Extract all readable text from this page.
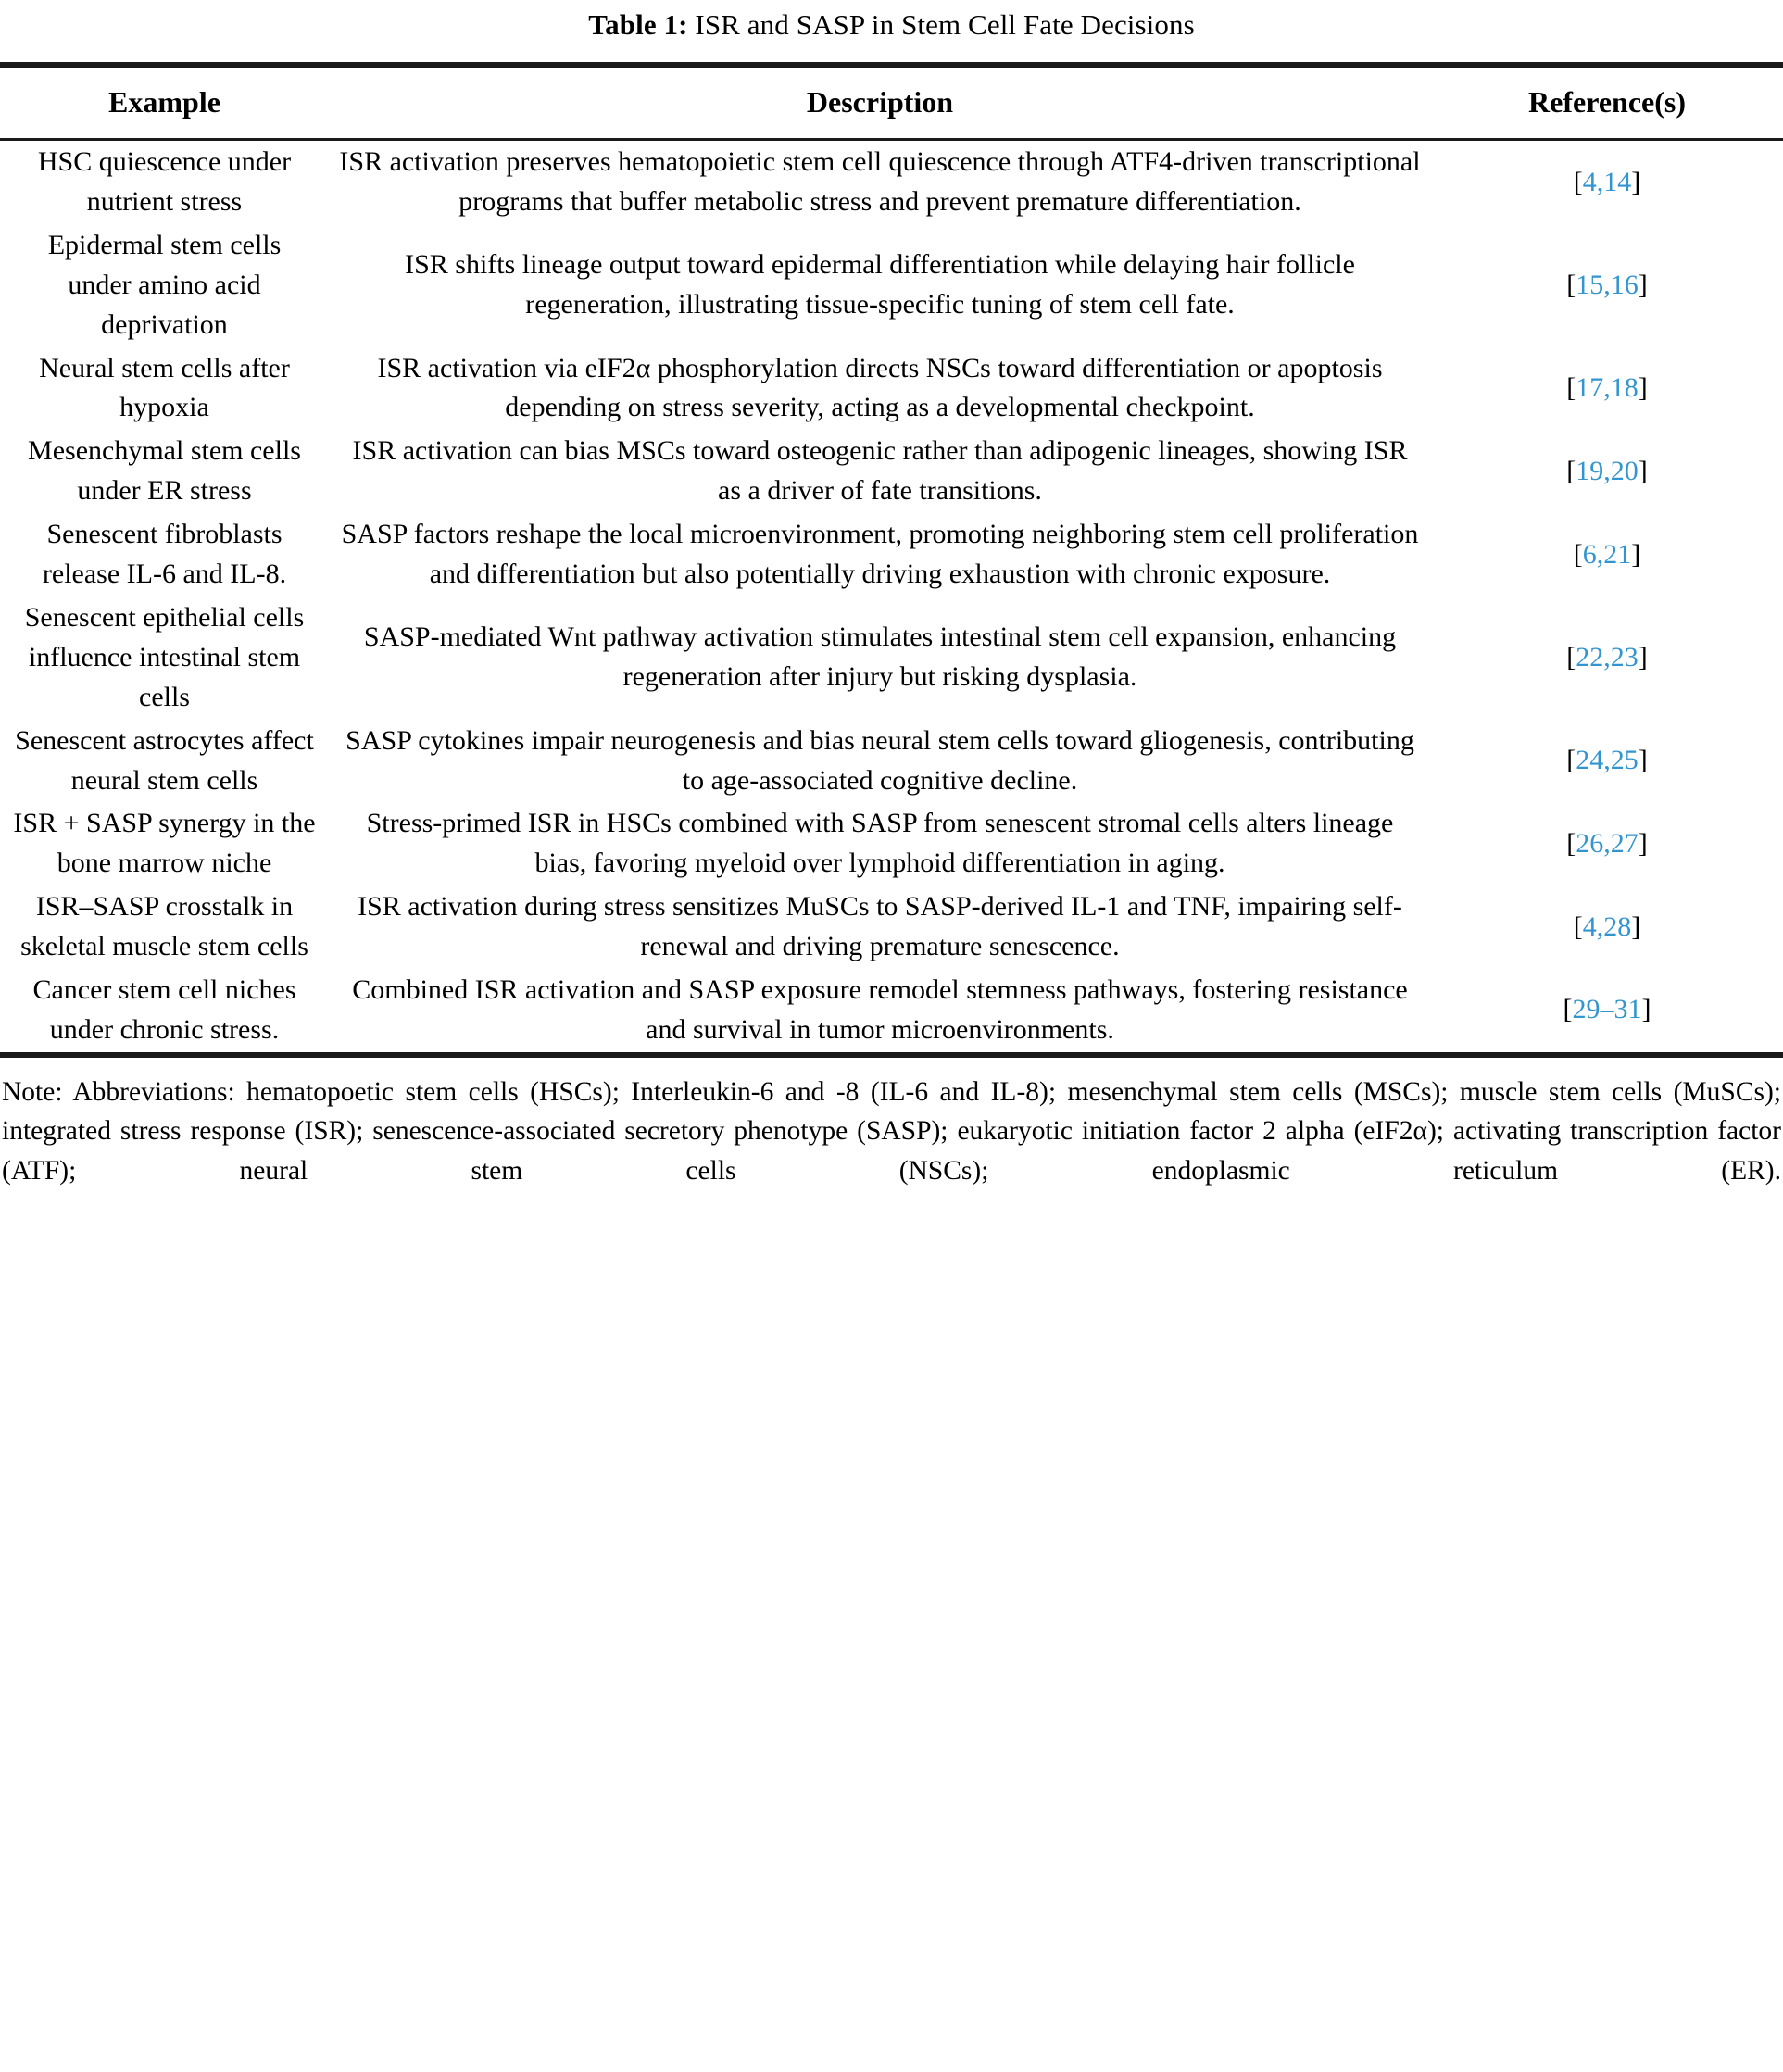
Table 1: ISR and SASP in Stem Cell Fate Decisions
Example	Description	Reference(s)
HSC quiescence under nutrient stress	ISR activation preserves hematopoietic stem cell quiescence through ATF4-driven transcriptional programs that buffer metabolic stress and prevent premature differentiation.	[4,14]
Epidermal stem cells under amino acid deprivation	ISR shifts lineage output toward epidermal differentiation while delaying hair follicle regeneration, illustrating tissue-specific tuning of stem cell fate.	[15,16]
Neural stem cells after hypoxia	ISR activation via eIF2α phosphorylation directs NSCs toward differentiation or apoptosis depending on stress severity, acting as a developmental checkpoint.	[17,18]
Mesenchymal stem cells under ER stress	ISR activation can bias MSCs toward osteogenic rather than adipogenic lineages, showing ISR as a driver of fate transitions.	[19,20]
Senescent fibroblasts release IL-6 and IL-8.	SASP factors reshape the local microenvironment, promoting neighboring stem cell proliferation and differentiation but also potentially driving exhaustion with chronic exposure.	[6,21]
Senescent epithelial cells influence intestinal stem cells	SASP-mediated Wnt pathway activation stimulates intestinal stem cell expansion, enhancing regeneration after injury but risking dysplasia.	[22,23]
Senescent astrocytes affect neural stem cells	SASP cytokines impair neurogenesis and bias neural stem cells toward gliogenesis, contributing to age-associated cognitive decline.	[24,25]
ISR + SASP synergy in the bone marrow niche	Stress-primed ISR in HSCs combined with SASP from senescent stromal cells alters lineage bias, favoring myeloid over lymphoid differentiation in aging.	[26,27]
ISR–SASP crosstalk in skeletal muscle stem cells	ISR activation during stress sensitizes MuSCs to SASP-derived IL-1 and TNF, impairing self-renewal and driving premature senescence.	[4,28]
Cancer stem cell niches under chronic stress.	Combined ISR activation and SASP exposure remodel stemness pathways, fostering resistance and survival in tumor microenvironments.	[29–31]
Note: Abbreviations: hematopoetic stem cells (HSCs); Interleukin-6 and -8 (IL-6 and IL-8); mesenchymal stem cells (MSCs); muscle stem cells (MuSCs); integrated stress response (ISR); senescence-associated secretory phenotype (SASP); eukaryotic initiation factor 2 alpha (eIF2α); activating transcription factor (ATF); neural stem cells (NSCs); endoplasmic reticulum (ER).
